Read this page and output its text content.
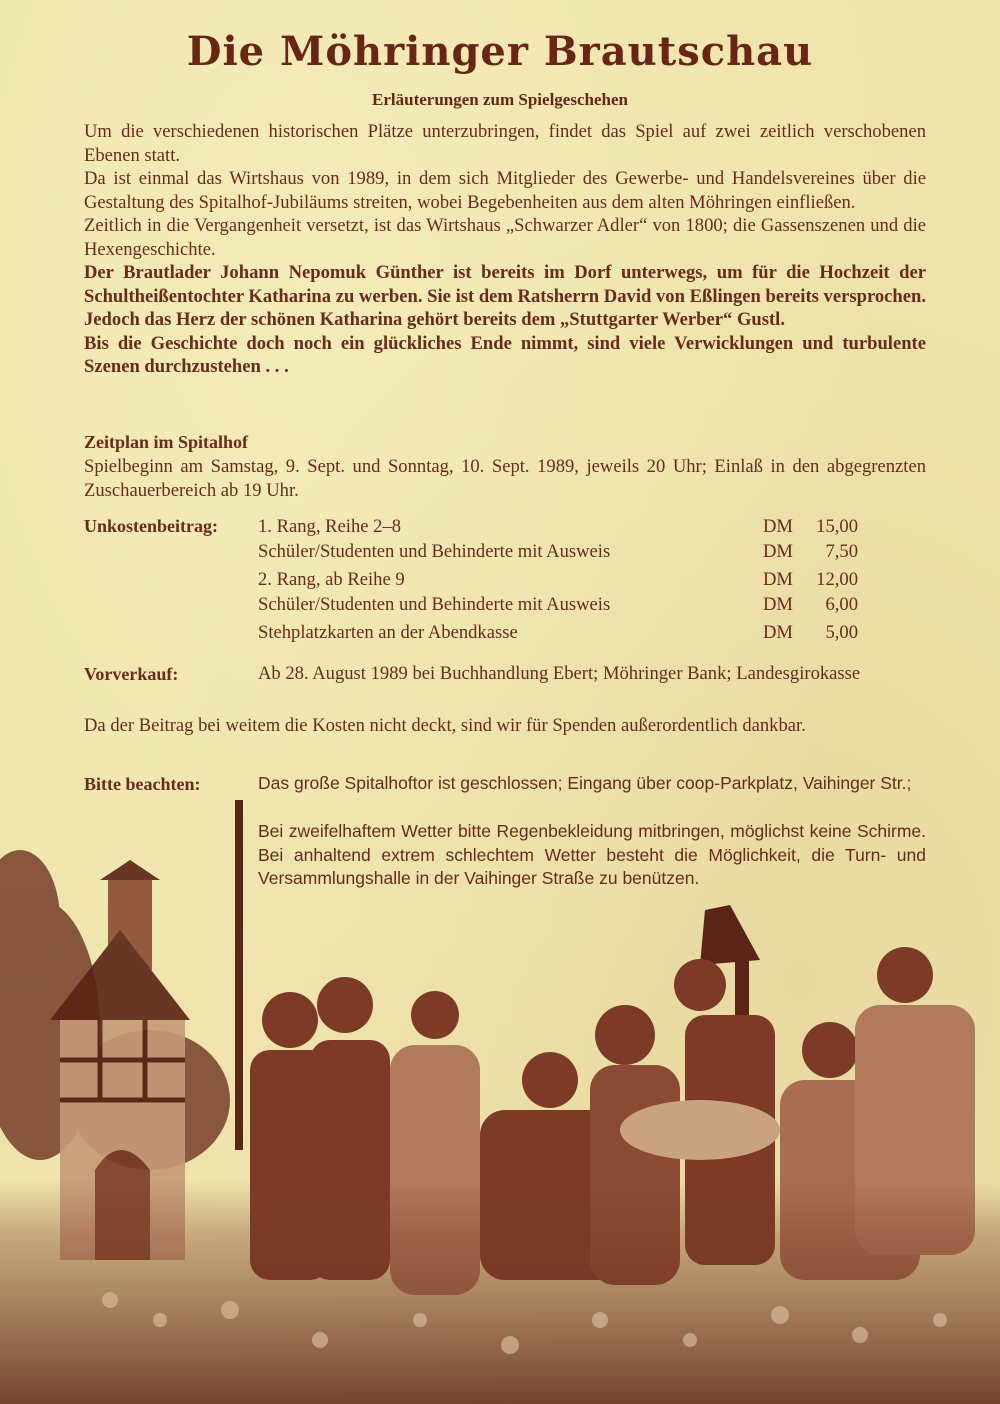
Die Möhringer Brautschau
Erläuterungen zum Spielgeschehen

Um die verschiedenen historischen Plätze unterzubringen, findet das Spiel auf zwei zeitlich verschobenen Ebenen statt.

Da ist einmal das Wirtshaus von 1989, in dem sich Mitglieder des Gewerbe- und Handelsvereines über die Gestaltung des Spitalhof-Jubiläums streiten, wobei Begebenheiten aus dem alten Möhringen einfließen.

Zeitlich in die Vergangenheit versetzt, ist das Wirtshaus „Schwarzer Adler“ von 1800; die Gassenszenen und die Hexengeschichte.

Der Brautlader Johann Nepomuk Günther ist bereits im Dorf unterwegs, um für die Hochzeit der Schultheißentochter Katharina zu werben. Sie ist dem Ratsherrn David von Eßlingen bereits versprochen. Jedoch das Herz der schönen Katharina gehört bereits dem „Stuttgarter Werber“ Gustl.

Bis die Geschichte doch noch ein glückliches Ende nimmt, sind viele Verwicklungen und turbulente Szenen durchzustehen . . .

Zeitplan im Spitalhof
Spielbeginn am Samstag, 9. Sept. und Sonntag, 10. Sept. 1989, jeweils 20 Uhr; Einlaß in den abgegrenzten Zuschauerbereich ab 19 Uhr.
Unkostenbeitrag: 1. Rang, Reihe 2–8	DM	15,00
Schüler/Studenten und Behinderte mit Ausweis	DM	7,50
2. Rang, ab Reihe 9	DM	12,00
Schüler/Studenten und Behinderte mit Ausweis	DM	6,00
Stehplatzkarten an der Abendkasse	DM	5,00
Vorverkauf:	Ab 28. August 1989 bei Buchhandlung Ebert; Möhringer Bank; Landesgirokasse
Da der Beitrag bei weitem die Kosten nicht deckt, sind wir für Spenden außerordentlich dankbar.
Bitte beachten:	Das große Spitalhoftor ist geschlossen; Eingang über coop-Parkplatz, Vaihinger Str.;
Bei zweifelhaftem Wetter bitte Regenbekleidung mitbringen, möglichst keine Schirme. Bei anhaltend extrem schlechtem Wetter besteht die Möglichkeit, die Turn- und Versammlungshalle in der Vaihinger Straße zu benützen.
